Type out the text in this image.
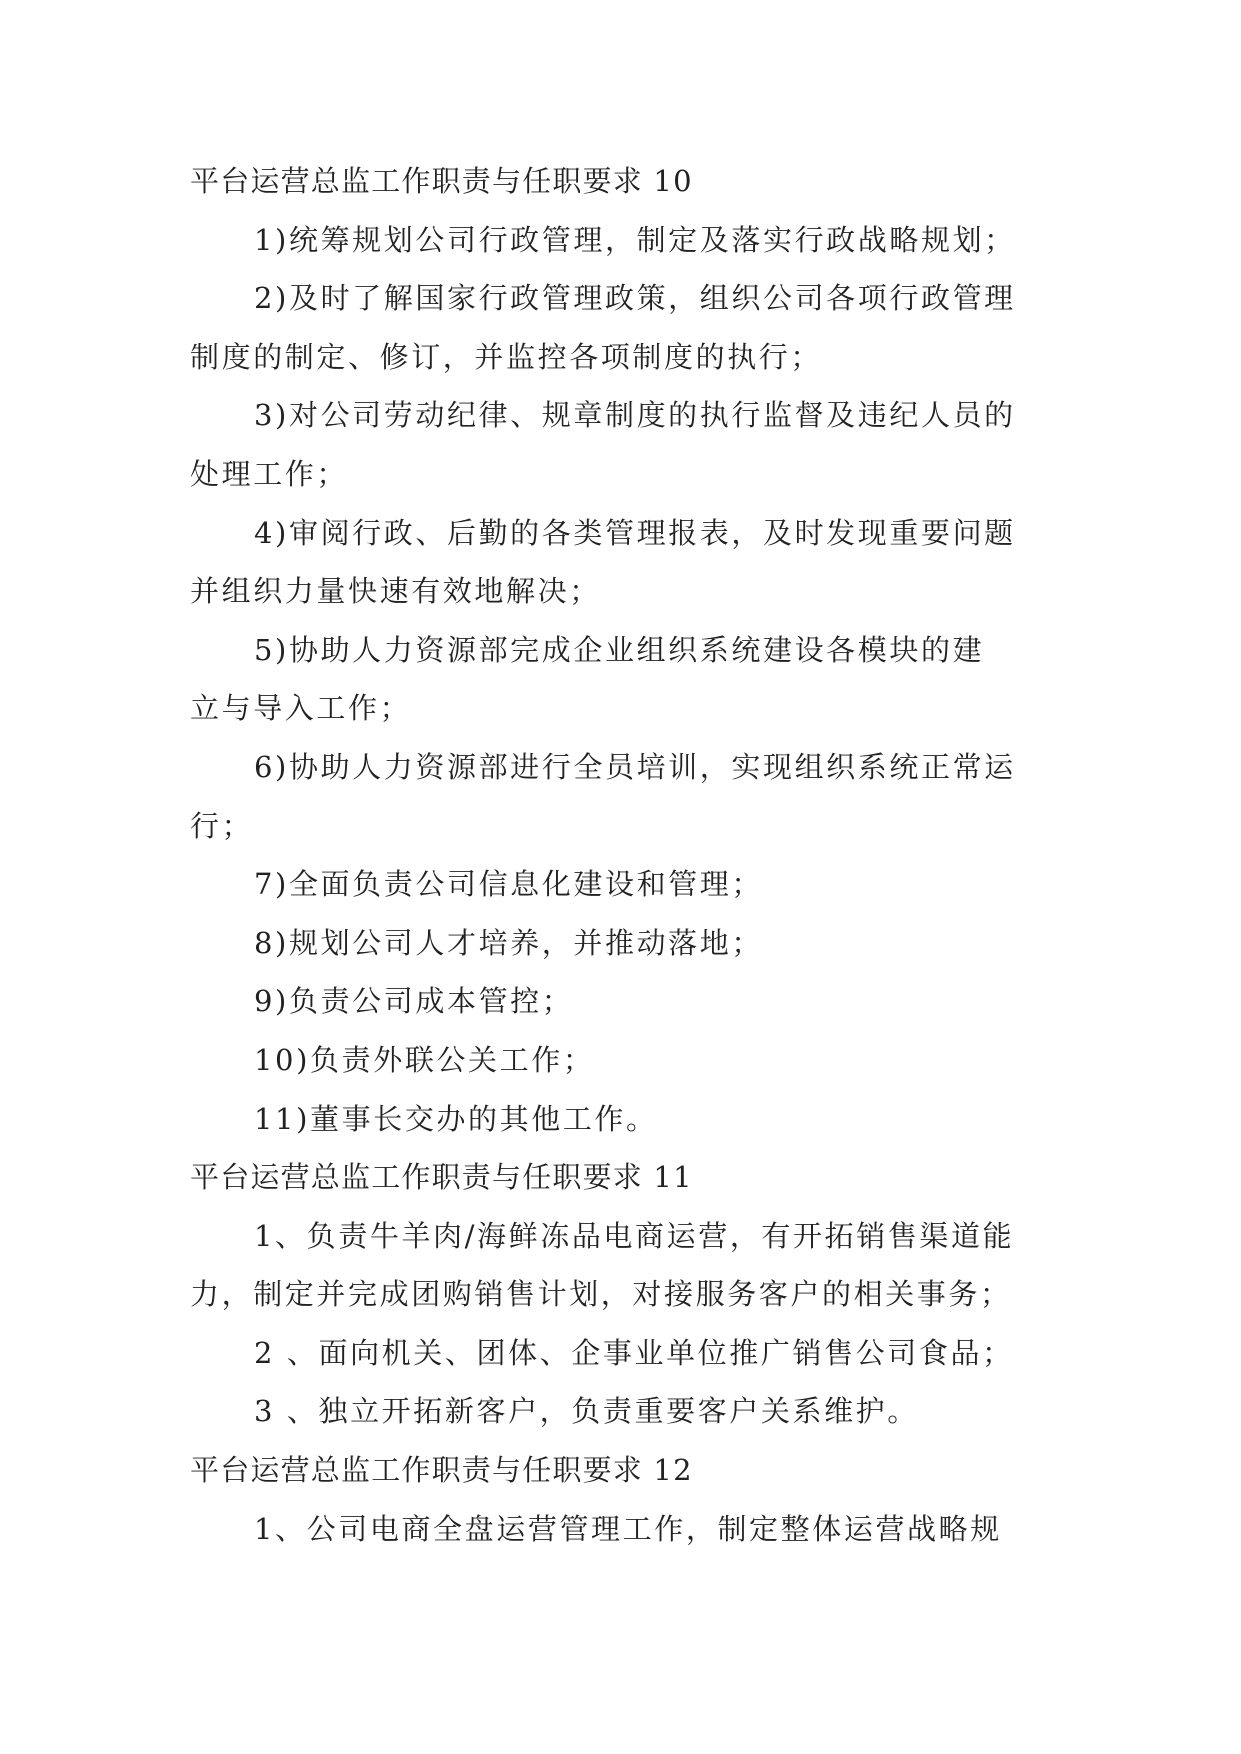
平台运营总监工作职责与任职要求 10

1)统筹规划公司行政管理，制定及落实行政战略规划；

2)及时了解国家行政管理政策，组织公司各项行政管理

制度的制定、修订，并监控各项制度的执行；

3)对公司劳动纪律、规章制度的执行监督及违纪人员的

处理工作；

4)审阅行政、后勤的各类管理报表，及时发现重要问题

并组织力量快速有效地解决；

5)协助人力资源部完成企业组织系统建设各模块的建

立与导入工作；

6)协助人力资源部进行全员培训，实现组织系统正常运

行；

7)全面负责公司信息化建设和管理；

8)规划公司人才培养，并推动落地；

9)负责公司成本管控；

10)负责外联公关工作；

11)董事长交办的其他工作。

平台运营总监工作职责与任职要求 11

1、负责牛羊肉/海鲜冻品电商运营，有开拓销售渠道能

力，制定并完成团购销售计划，对接服务客户的相关事务；

2 、面向机关、团体、企事业单位推广销售公司食品；

3 、独立开拓新客户，负责重要客户关系维护。

平台运营总监工作职责与任职要求 12

1、公司电商全盘运营管理工作，制定整体运营战略规
